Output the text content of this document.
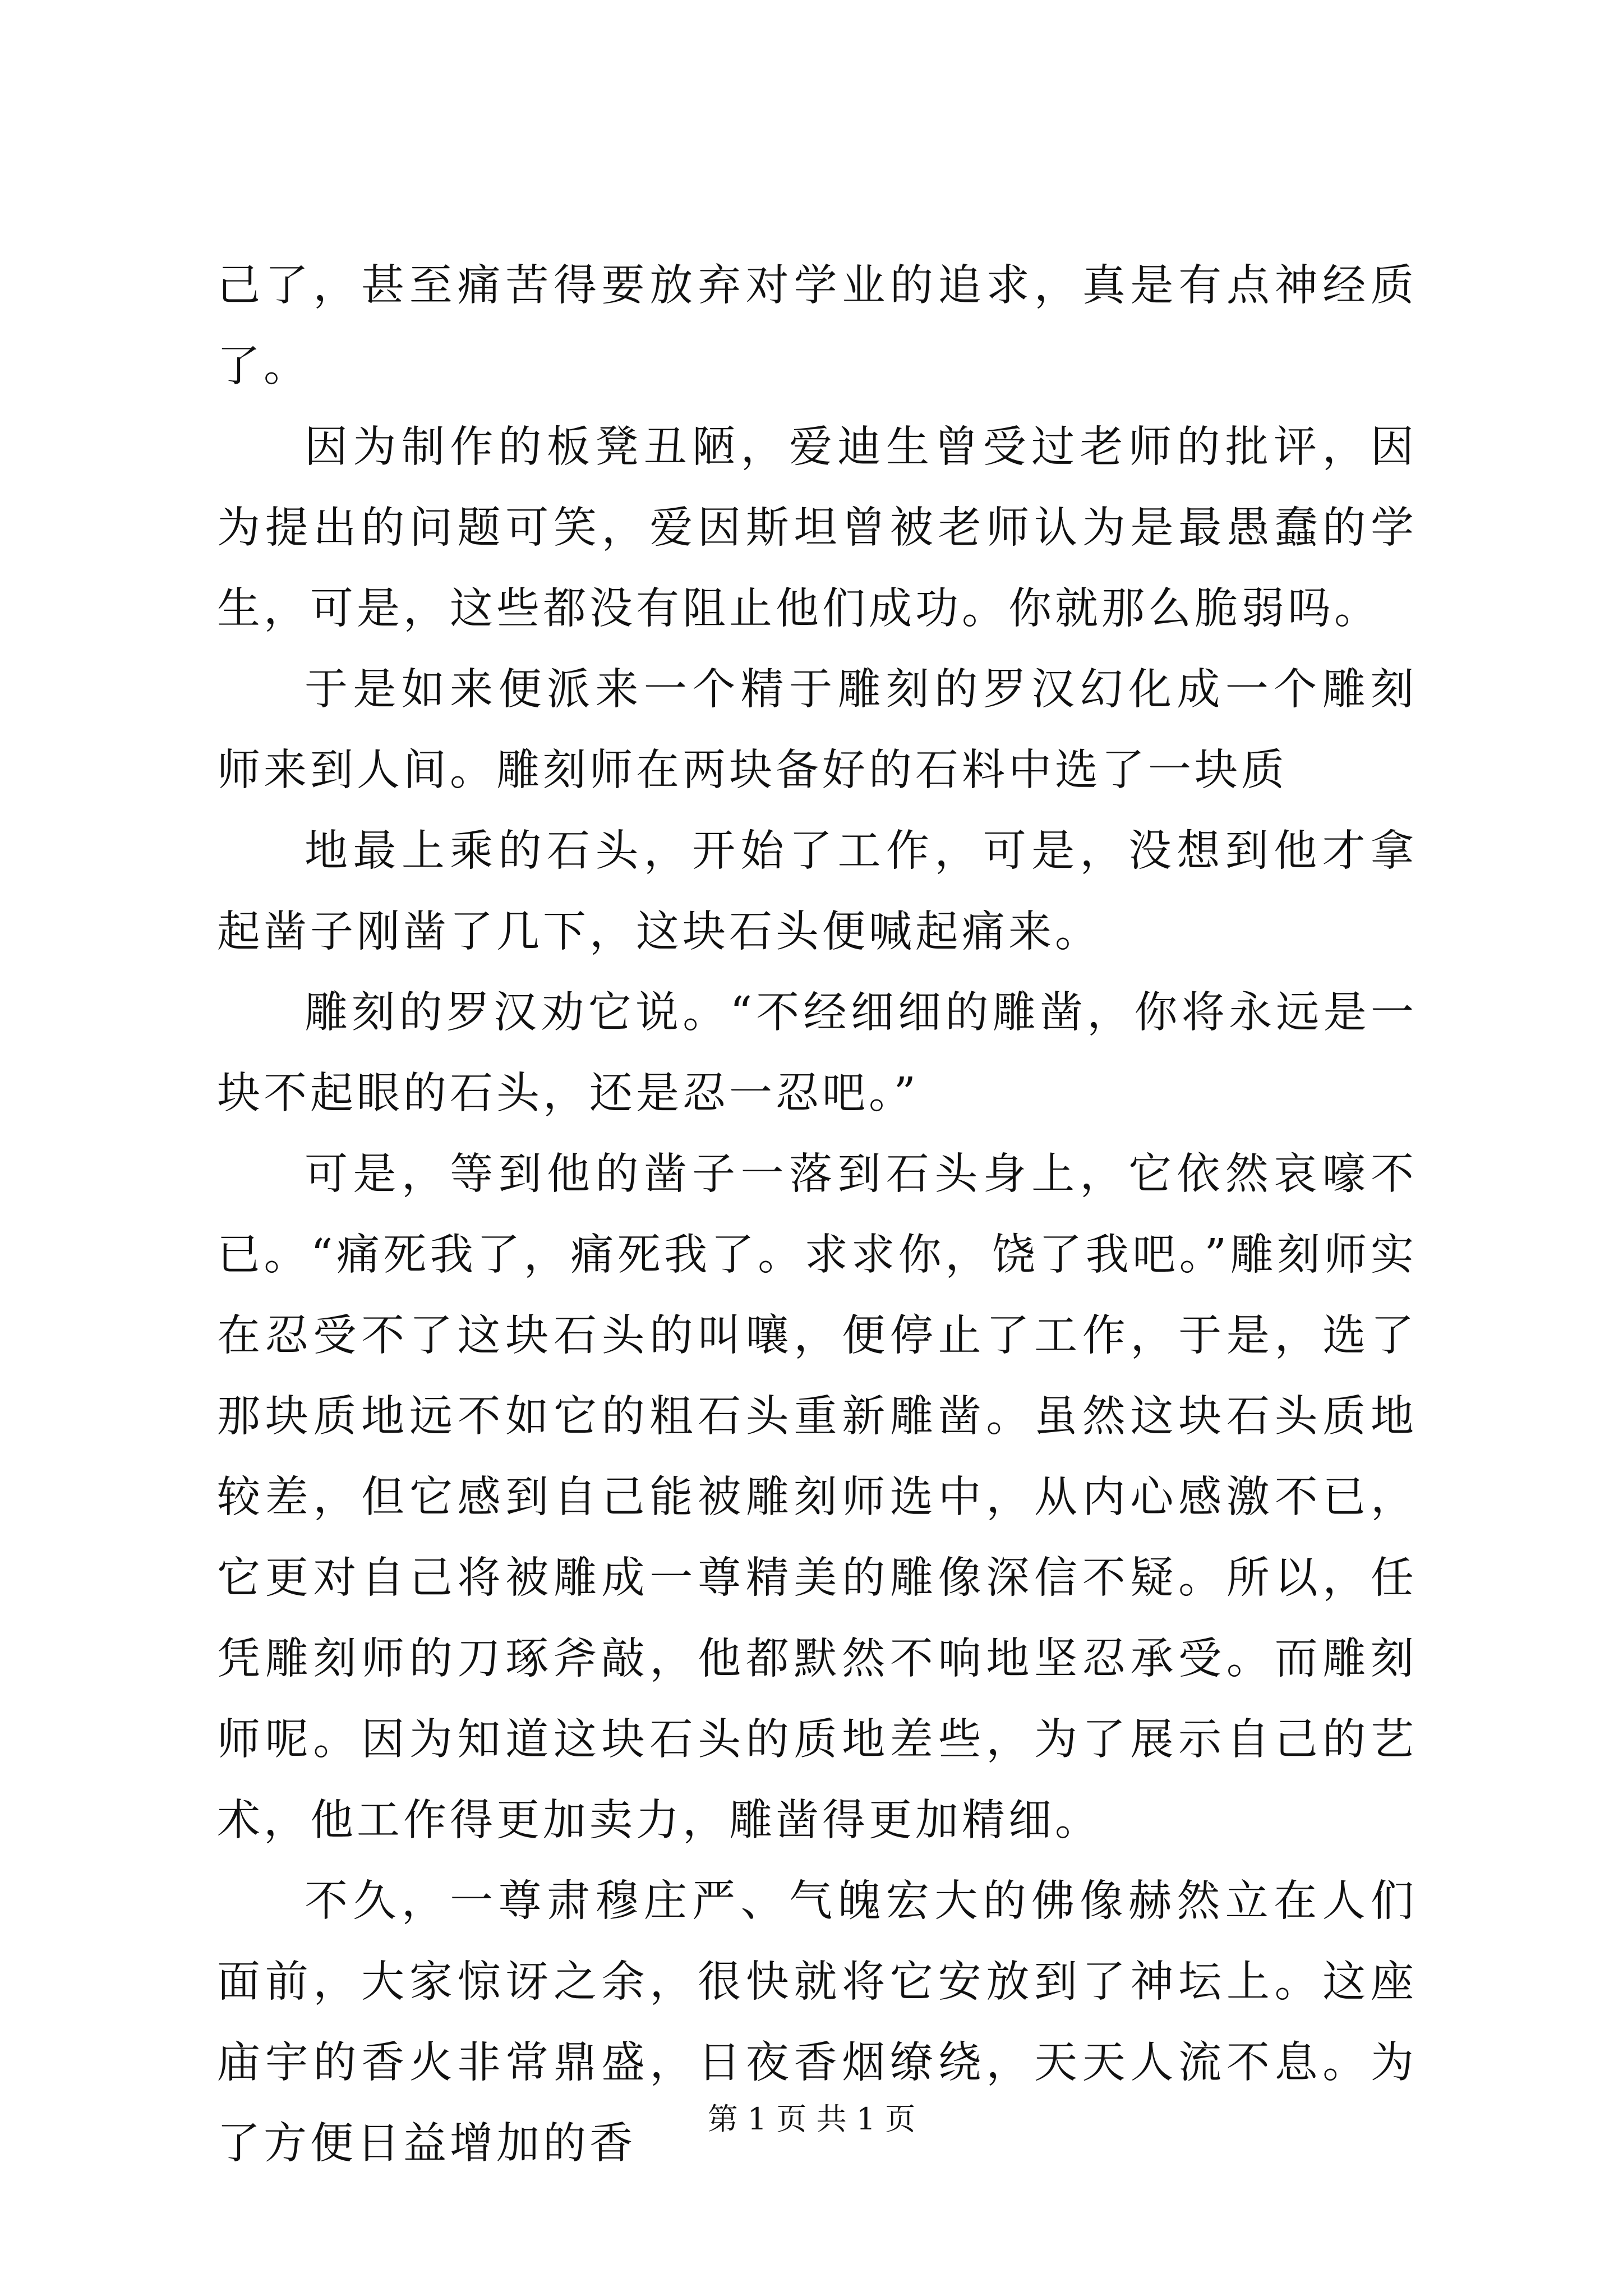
己了，甚至痛苦得要放弃对学业的追求，真是有点神经质了。

因为制作的板凳丑陋，爱迪生曾受过老师的批评，因为提出的问题可笑，爱因斯坦曾被老师认为是最愚蠢的学生，可是，这些都没有阻止他们成功。你就那么脆弱吗。

于是如来便派来一个精于雕刻的罗汉幻化成一个雕刻师来到人间。雕刻师在两块备好的石料中选了一块质

地最上乘的石头，开始了工作，可是，没想到他才拿起凿子刚凿了几下，这块石头便喊起痛来。

雕刻的罗汉劝它说。“不经细细的雕凿，你将永远是一块不起眼的石头，还是忍一忍吧。”

可是，等到他的凿子一落到石头身上，它依然哀嚎不已。“痛死我了，痛死我了。求求你，饶了我吧。”雕刻师实在忍受不了这块石头的叫嚷，便停止了工作，于是，选了那块质地远不如它的粗石头重新雕凿。虽然这块石头质地较差，但它感到自己能被雕刻师选中，从内心感激不已，它更对自己将被雕成一尊精美的雕像深信不疑。所以，任凭雕刻师的刀琢斧敲，他都默然不响地坚忍承受。而雕刻师呢。因为知道这块石头的质地差些，为了展示自己的艺术，他工作得更加卖力，雕凿得更加精细。

不久，一尊肃穆庄严、气魄宏大的佛像赫然立在人们面前，大家惊讶之余，很快就将它安放到了神坛上。这座庙宇的香火非常鼎盛，日夜香烟缭绕，天天人流不息。为了方便日益增加的香	第 1 页 共 1 页
